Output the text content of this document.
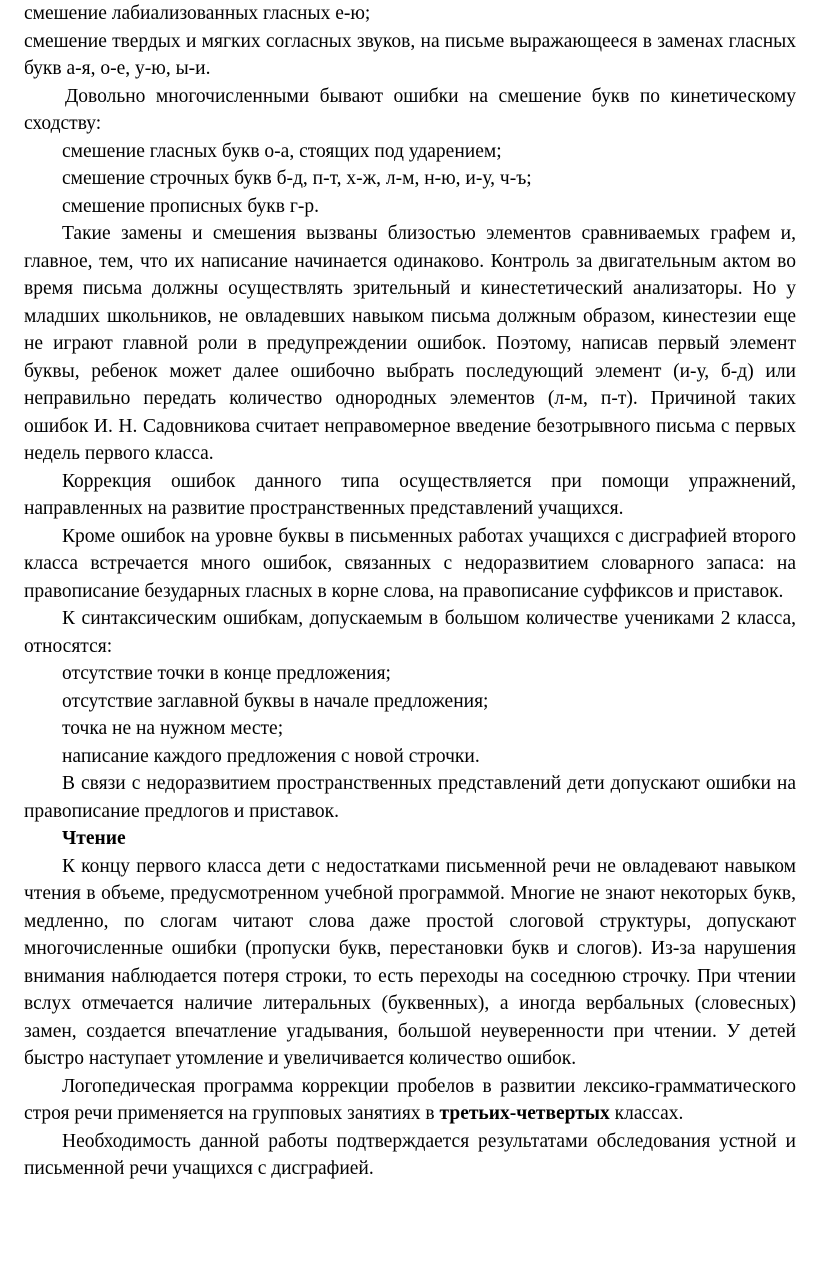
смешение лабиализованных гласных е-ю;

смешение твердых и мягких согласных звуков, на письме выражающееся в заменах гласных букв а-я, о-е, у-ю, ы-и.

Довольно многочисленными бывают ошибки на смешение букв по кинетическому сходству:

смешение гласных букв о-а, стоящих под ударением;

смешение строчных букв б-д, п-т, х-ж, л-м, н-ю, и-у, ч-ъ;

смешение прописных букв г-р.

Такие замены и смешения вызваны близостью элементов сравниваемых графем и, главное, тем, что их написание начинается одинаково. Контроль за двигательным актом во время письма должны осуществлять зрительный и кинестетический анализаторы. Но у младших школьников, не овладевших навыком письма должным образом, кинестезии еще не играют главной роли в предупреждении ошибок. Поэтому, написав первый элемент буквы, ребенок может далее ошибочно выбрать последующий элемент (и-у, б-д) или неправильно передать количество однородных элементов (л-м, п-т). Причиной таких ошибок И. Н. Садовникова считает неправомерное введение безотрывного письма с первых недель первого класса.

Коррекция ошибок данного типа осуществляется при помощи упражнений, направленных на развитие пространственных представлений учащихся.

Кроме ошибок на уровне буквы в письменных работах учащихся с дисграфией второго класса встречается много ошибок, связанных с недоразвитием словарного запаса: на правописание безударных гласных в корне слова, на правописание суффиксов и приставок.

К синтаксическим ошибкам, допускаемым в большом количестве учениками 2 класса, относятся:

отсутствие точки в конце предложения;

отсутствие заглавной буквы в начале предложения;

точка не на нужном месте;

написание каждого предложения с новой строчки.

В связи с недоразвитием пространственных представлений дети допускают ошибки на правописание предлогов и приставок.

Чтение

К концу первого класса дети с недостатками письменной речи не овладевают навыком чтения в объеме, предусмотренном учебной программой. Многие не знают некоторых букв, медленно, по слогам читают слова даже простой слоговой структуры, допускают многочисленные ошибки (пропуски букв, перестановки букв и слогов). Из-за нарушения внимания наблюдается потеря строки, то есть переходы на соседнюю строчку. При чтении вслух отмечается наличие литеральных (буквенных), а иногда вербальных (словесных) замен, создается впечатление угадывания, большой неуверенности при чтении. У детей быстро наступает утомление и увеличивается количество ошибок.

Логопедическая программа коррекции пробелов в развитии лексико-грамматического строя речи применяется на групповых занятиях в третьих-четвертых классах.

Необходимость данной работы подтверждается результатами обследования устной и письменной речи учащихся с дисграфией.
